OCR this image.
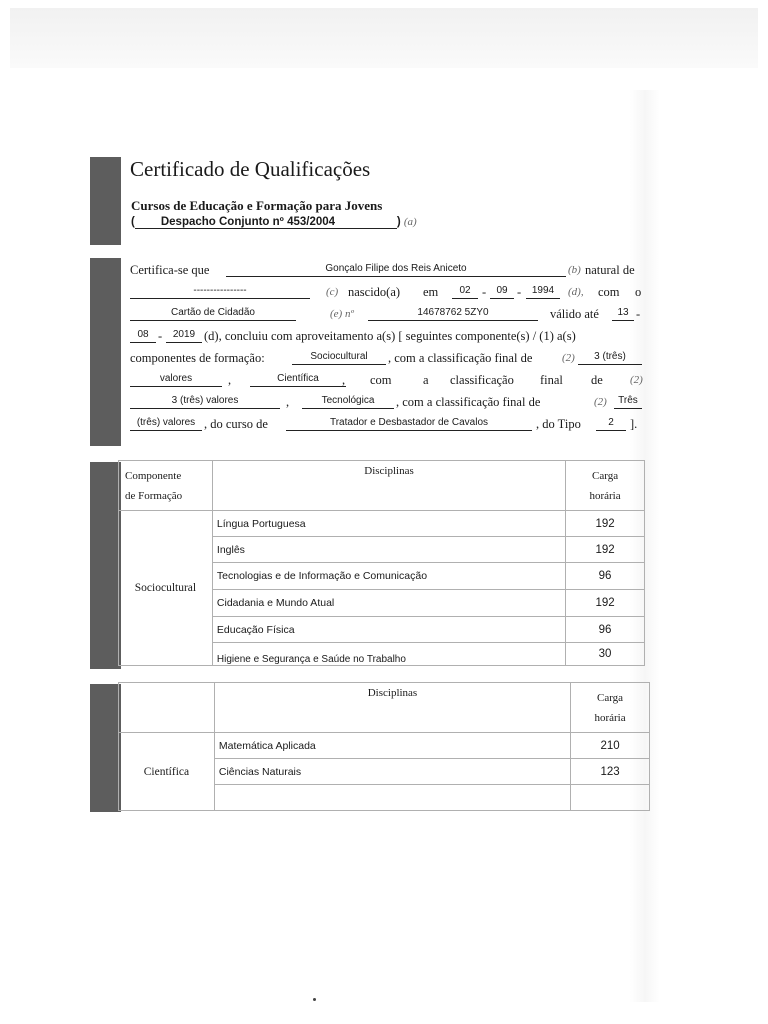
Certificado de Qualificações
Cursos de Educação e Formação para Jovens
( Despacho Conjunto nº 453/2004	) (a)
Certifica-se que	Gonçalo Filipe dos Reis Aniceto	(b) natural de
----------------	(c) nascido(a) em	02 -	09 -	1994	(d), com o
Cartão de Cidadão	(e) nº	14678762 5ZY0	válido até	13 -
08 -	2019 (d), concluiu com aproveitamento a(s) [ seguintes componente(s) / (1) a(s)
componentes de formação:	Sociocultural	, com a classificação final de	(2)	3 (três)
valores	,	Científica	, com	a classificação final de (2)
3 (três) valores	,	Tecnológica	, com a classificação final de	(2)	Três
(três) valores , do curso de	Tratador e Desbastador de Cavalos	, do Tipo	2	].
Componente
de Formação	Disciplinas	Carga
horária
Sociocultural	Língua Portuguesa	192
	Inglês	192
	Tecnologias e de Informação e Comunicação	96
	Cidadania e Mundo Atual	192
	Educação Física	96
	Higiene e Segurança e Saúde no Trabalho	30
	Disciplinas	Carga
horária
Científica	Matemática Aplicada	210
	Ciências Naturais	123
